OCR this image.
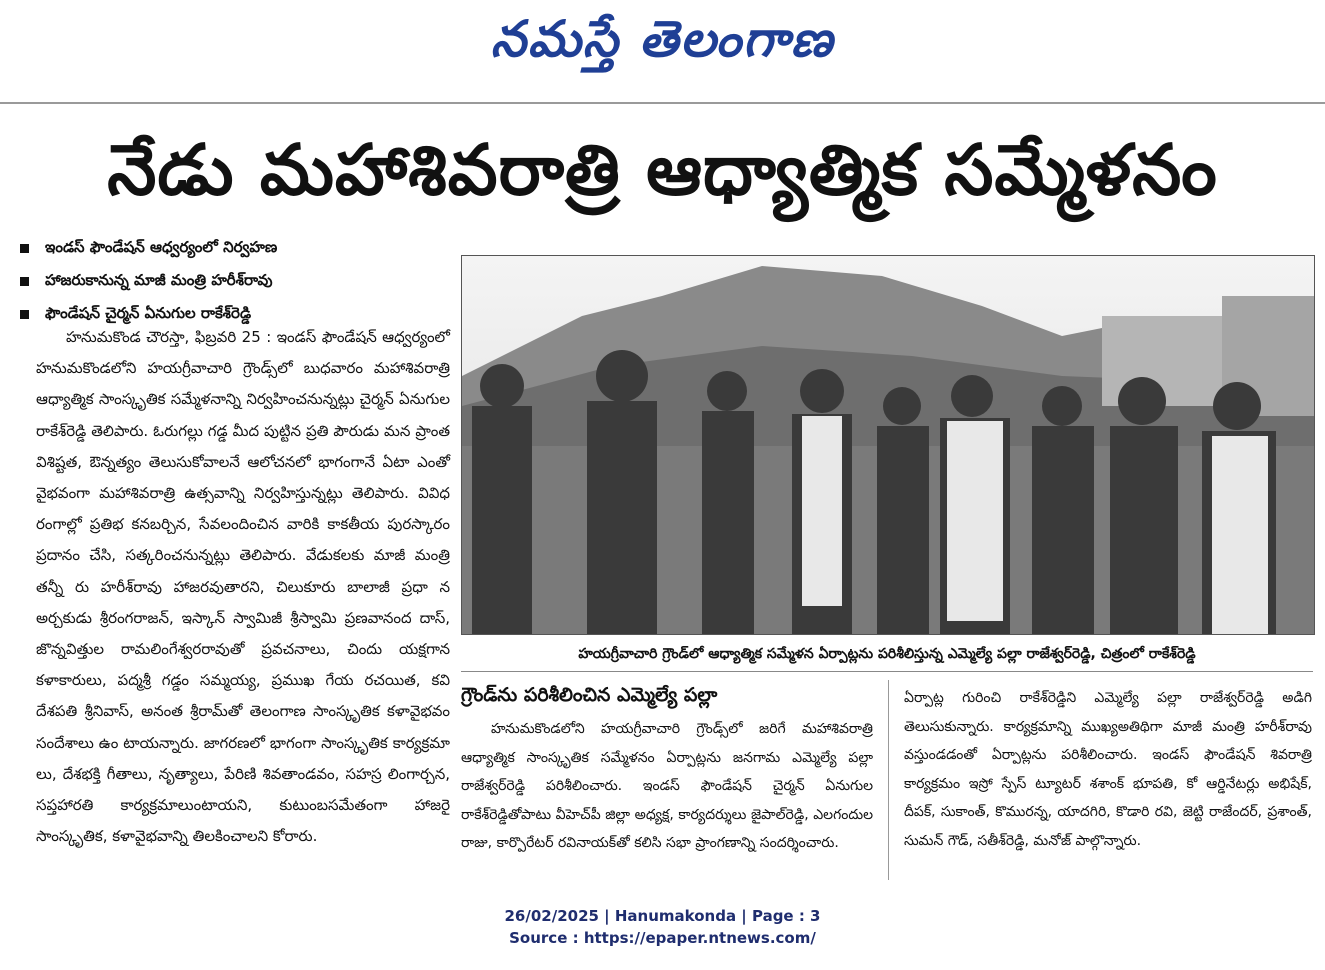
నమస్తే తెలంగాణ
నేడు మహాశివరాత్రి ఆధ్యాత్మిక సమ్మేళనం
ఇండస్ ఫౌండేషన్ ఆధ్వర్యంలో నిర్వహణ
హాజరుకానున్న మాజీ మంత్రి హరీశ్‌రావు
ఫౌండేషన్ చైర్మన్ ఏనుగుల రాకేశ్‌రెడ్డి

హనుమకొండ చౌరస్తా, ఫిబ్రవరి 25 : ఇండస్ ఫౌండేషన్ ఆధ్వర్యంలో హనుమకొండలోని హయగ్రీవాచారి గ్రౌండ్స్‌లో బుధవారం మహాశివరాత్రి ఆధ్యాత్మిక సాంస్కృతిక సమ్మేళనాన్ని నిర్వహించనున్నట్లు చైర్మన్ ఏనుగుల రాకేశ్‌రెడ్డి తెలిపారు. ఓరుగల్లు గడ్డ మీద పుట్టిన ప్రతి పౌరుడు మన ప్రాంత విశిష్టత, ఔన్నత్యం తెలుసుకోవాలనే ఆలోచనలో భాగంగానే ఏటా ఎంతో వైభవంగా మహాశివరాత్రి ఉత్సవాన్ని నిర్వహిస్తున్నట్లు తెలిపారు. వివిధ రంగాల్లో ప్రతిభ కనబర్చిన, సేవలందించిన వారికి కాకతీయ పురస్కారం ప్రదానం చేసి, సత్కరించనున్నట్లు తెలిపారు. వేడుకలకు మాజీ మంత్రి తన్నీ రు హరీశ్‌రావు హాజరవుతారని, చిలుకూరు బాలాజీ ప్రధా న అర్చకుడు శ్రీరంగరాజన్, ఇస్కాన్ స్వామిజీ శ్రీస్వామి ప్రణవానంద దాస్, జొన్నవిత్తుల రామలింగేశ్వరరావుతో ప్రవచనాలు, చిందు యక్షగాన కళాకారులు, పద్మశ్రీ గడ్డం సమ్మయ్య, ప్రముఖ గేయ రచయిత, కవి దేశపతి శ్రీనివాస్, అనంత శ్రీరామ్‌తో తెలంగాణ సాంస్కృతిక కళావైభవం సందేశాలు ఉం టాయన్నారు. జాగరణలో భాగంగా సాంస్కృతిక కార్యక్రమా లు, దేశభక్తి గీతాలు, నృత్యాలు, పేరిణి శివతాండవం, సహస్ర లింగార్చన, సప్తహారతి కార్యక్రమాలుంటాయని, కుటుంబసమేతంగా హాజరై సాంస్కృతిక, కళావైభవాన్ని తిలకించాలని కోరారు.

హయగ్రీవాచారి గ్రౌండ్‌లో ఆధ్యాత్మిక సమ్మేళన ఏర్పాట్లను పరిశీలిస్తున్న ఎమ్మెల్యే పల్లా రాజేశ్వర్‌రెడ్డి, చిత్రంలో రాకేశ్‌రెడ్డి
గ్రౌండ్‌ను పరిశీలించిన ఎమ్మెల్యే పల్లా

హనుమకొండలోని హయగ్రీవాచారి గ్రౌండ్స్‌లో జరిగే మహాశివరాత్రి ఆధ్యాత్మిక సాంస్కృతిక సమ్మేళనం ఏర్పాట్లను జనగామ ఎమ్మెల్యే పల్లా రాజేశ్వర్‌రెడ్డి పరిశీలించారు. ఇండస్ ఫౌండేషన్ చైర్మన్ ఏనుగుల రాకేశ్‌రెడ్డితోపాటు వీహెచ్‌పీ జిల్లా అధ్యక్ష, కార్యదర్శులు జైపాల్‌రెడ్డి, ఎలగందుల రాజు, కార్పొరేటర్ రవినాయక్‌తో కలిసి సభా ప్రాంగణాన్ని సందర్శించారు.

ఏర్పాట్ల గురించి రాకేశ్‌రెడ్డిని ఎమ్మెల్యే పల్లా రాజేశ్వర్‌రెడ్డి అడిగి తెలుసుకున్నారు. కార్యక్రమాన్ని ముఖ్యఅతిథిగా మాజీ మంత్రి హరీశ్‌రావు వస్తుండడంతో ఏర్పాట్లను పరిశీలించారు. ఇండస్ ఫౌండేషన్ శివరాత్రి కార్యక్రమం ఇస్రో స్పేస్ ట్యూటర్ శశాంక్ భూపతి, కో ఆర్డినేటర్లు అభిషేక్, దీపక్, సుకాంత్, కొమురన్న, యాదగిరి, కొడారి రవి, జెట్టి రాజేందర్, ప్రశాంత్, సుమన్ గౌడ్, సతీశ్‌రెడ్డి, మనోజ్ పాల్గొన్నారు.

26/02/2025 | Hanumakonda | Page : 3
Source : https://epaper.ntnews.com/
